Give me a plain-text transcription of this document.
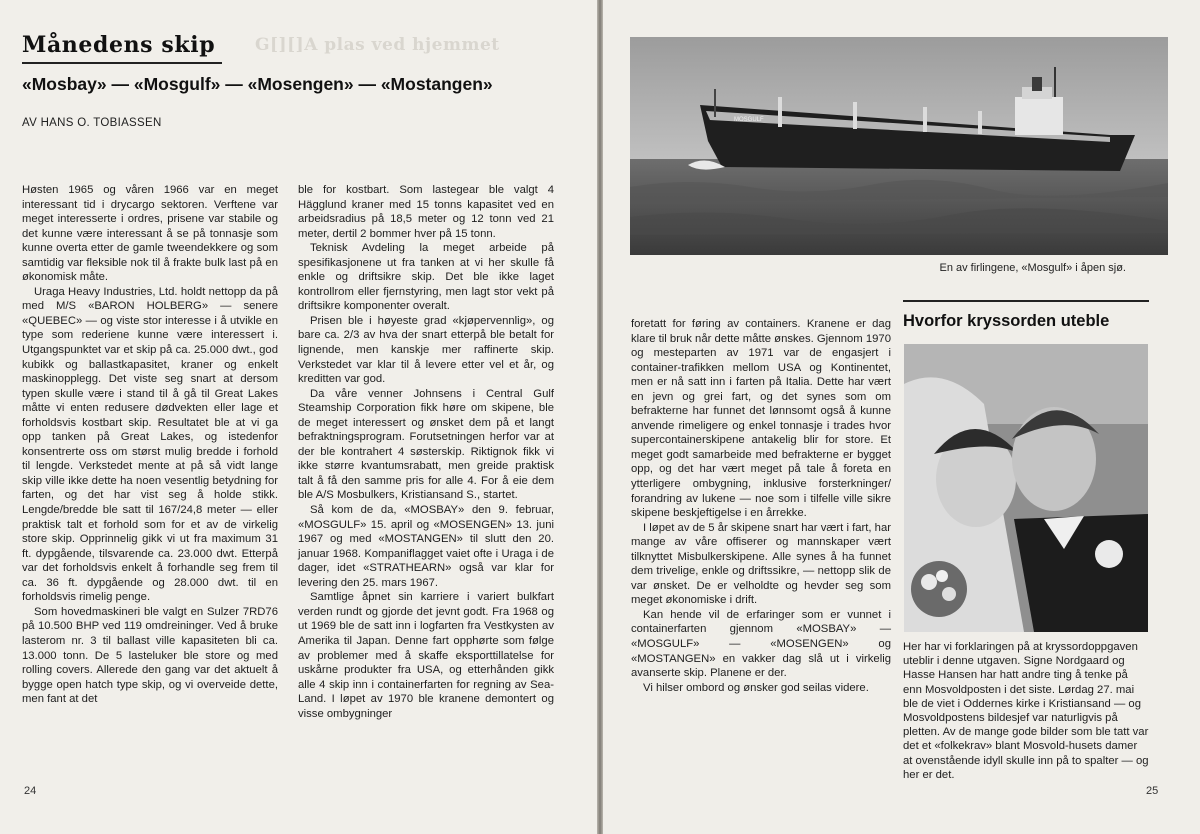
G[][]A plas ved hjemmet
Månedens skip
«Mosbay» — «Mosgulf» — «Mosengen» — «Mostangen»
AV HANS O. TOBIASSEN

Høsten 1965 og våren 1966 var en meget interessant tid i drycargo sektoren. Verftene var meget interesserte i ordres, prisene var stabile og det kunne være interessant å se på tonnasje som kunne overta etter de gamle tweendekkere og som samtidig var fleksible nok til å frakte bulk last på en økonomisk måte.

Uraga Heavy Industries, Ltd. holdt nettopp da på med M/S «BARON HOLBERG» — senere «QUEBEC» — og viste stor interesse i å utvikle en type som rederiene kunne være interessert i. Utgangspunktet var et skip på ca. 25.000 dwt., god kubikk og ballastkapasitet, kraner og enkelt maskinopplegg. Det viste seg snart at dersom typen skulle være i stand til å gå til Great Lakes måtte vi enten redusere dødvekten eller lage et forholdsvis kostbart skip. Resultatet ble at vi ga opp tanken på Great Lakes, og istedenfor konsentrerte oss om størst mulig bredde i forhold til lengde. Verkstedet mente at på så vidt lange skip ville ikke dette ha noen vesentlig betydning for farten, og det har vist seg å holde stikk. Lengde/bredde ble satt til 167/24,8 meter — eller praktisk talt et forhold som for et av de virkelig store skip. Opprinnelig gikk vi ut fra maximum 31 ft. dypgående, tilsvarende ca. 23.000 dwt. Etterpå var det forholdsvis enkelt å forhandle seg frem til ca. 36 ft. dypgående og 28.000 dwt. til en forholdsvis rimelig penge.

Som hovedmaskineri ble valgt en Sulzer 7RD76 på 10.500 BHP ved 119 omdreininger. Ved å bruke lasterom nr. 3 til ballast ville kapasiteten bli ca. 13.000 tonn. De 5 lasteluker ble store og med rolling covers. Allerede den gang var det aktuelt å bygge open hatch type skip, og vi overveide dette, men fant at det

ble for kostbart. Som lastegear ble valgt 4 Hägglund kraner med 15 tonns kapasitet ved en arbeidsradius på 18,5 meter og 12 tonn ved 21 meter, dertil 2 bommer hver på 15 tonn.

Teknisk Avdeling la meget arbeide på spesifikasjonene ut fra tanken at vi her skulle få enkle og driftsikre skip. Det ble ikke laget kontrollrom eller fjernstyring, men lagt stor vekt på driftsikre komponenter overalt.

Prisen ble i høyeste grad «kjøpervennlig», og bare ca. 2/3 av hva der snart etterpå ble betalt for lignende, men kanskje mer raffinerte skip. Verkstedet var klar til å levere etter vel et år, og kreditten var god.

Da våre venner Johnsens i Central Gulf Steamship Corporation fikk høre om skipene, ble de meget interessert og ønsket dem på et langt befraktningsprogram. Forutsetningen herfor var at der ble kontrahert 4 søsterskip. Riktignok fikk vi ikke større kvantumsrabatt, men greide praktisk talt å få den samme pris for alle 4. For å eie dem ble A/S Mosbulkers, Kristiansand S., startet.

Så kom de da, «MOSBAY» den 9. februar, «MOSGULF» 15. april og «MOSENGEN» 13. juni 1967 og med «MOSTANGEN» til slutt den 20. januar 1968. Kompaniflagget vaiet ofte i Uraga i de dager, idet «STRATHEARN» også var klar for levering den 25. mars 1967.

Samtlige åpnet sin karriere i variert bulkfart verden rundt og gjorde det jevnt godt. Fra 1968 og ut 1969 ble de satt inn i logfarten fra Vestkysten av Amerika til Japan. Denne fart opphørte som følge av problemer med å skaffe eksporttillatelse for uskårne produkter fra USA, og etterhånden gikk alle 4 skip inn i containerfarten for regning av Sea-Land. I løpet av 1970 ble kranene demontert og visse ombygninger

24
MOSGULF
En av firlingene, «Mosgulf» i åpen sjø.

foretatt for føring av containers. Kranene er dag klare til bruk når dette måtte ønskes. Gjennom 1970 og mesteparten av 1971 var de engasjert i container-trafikken mellom USA og Kontinentet, men er nå satt inn i farten på Italia. Dette har vært en jevn og grei fart, og det synes som om befrakterne har funnet det lønnsomt også å kunne anvende rimeligere og enkel tonnasje i trades hvor supercontainerskipene antakelig blir for store. Et meget godt samarbeide med befrakterne er bygget opp, og det har vært meget på tale å foreta en ytterligere ombygning, inklusive forsterkninger/ forandring av lukene — noe som i tilfelle ville sikre skipene beskjeftigelse i en årrekke.

I løpet av de 5 år skipene snart har vært i fart, har mange av våre offiserer og mannskaper vært tilknyttet Misbulkerskipene. Alle synes å ha funnet dem trivelige, enkle og driftssikre, — nettopp slik de var ønsket. De er velholdte og hevder seg som meget økonomiske i drift.

Kan hende vil de erfaringer som er vunnet i containerfarten gjennom «MOSBAY» — «MOSGULF» — «MOSENGEN» og «MOSTANGEN» en vakker dag slå ut i virkelig avanserte skip. Planene er der.

Vi hilser ombord og ønsker god seilas videre.

Hvorfor kryssorden uteble

Her har vi forklaringen på at kryssordoppgaven uteblir i denne utgaven. Signe Nordgaard og Hasse Hansen har hatt andre ting å tenke på enn Mosvoldposten i det siste. Lørdag 27. mai ble de viet i Oddernes kirke i Kristiansand — og Mosvoldpostens bildesjef var naturligvis på pletten. Av de mange gode bilder som ble tatt var det et «folkekrav» blant Mosvold-husets damer at ovenstående idyll skulle inn på to spalter — og her er det.

25
